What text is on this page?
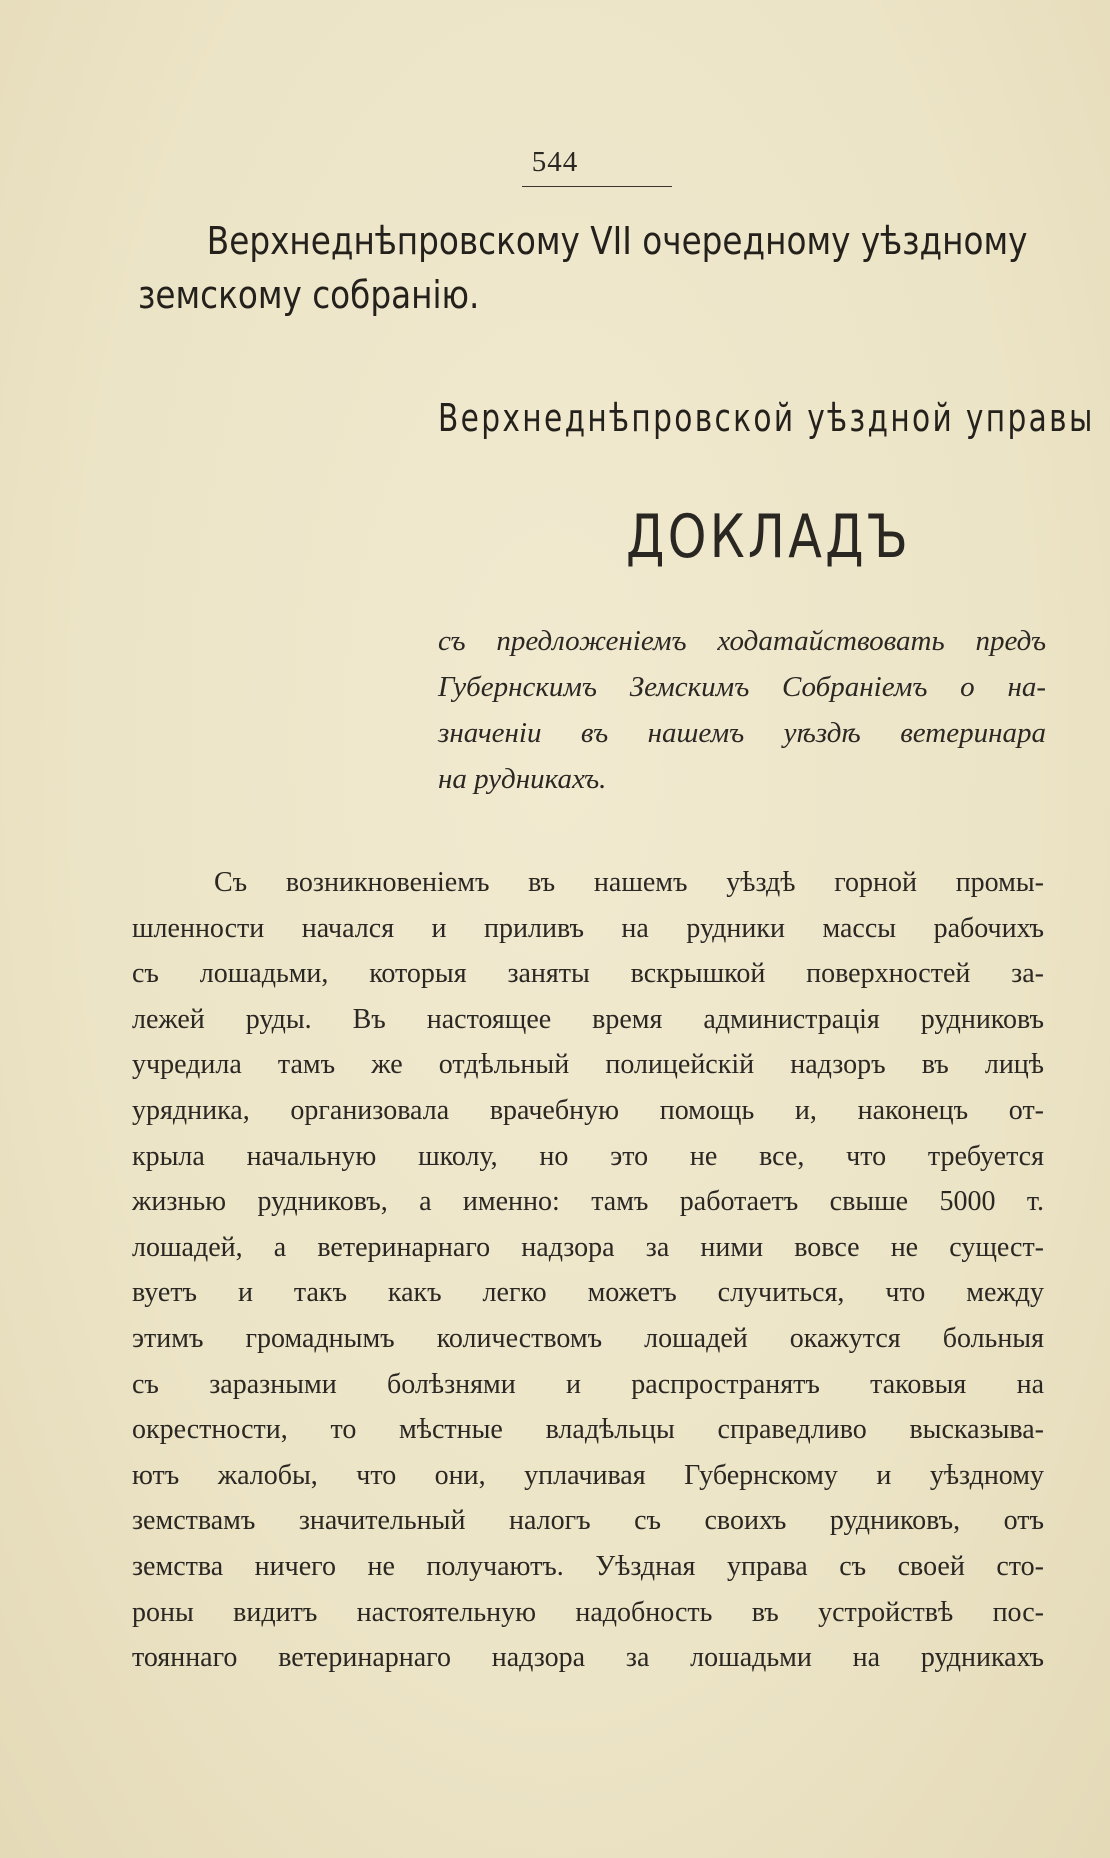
544
Верхнеднѣпровскому VII очередному уѣздному
земскому собранію.
Верхнеднѣпровской уѣздной управы
ДОКЛАДЪ
съ предложеніемъ ходатайствовать предъ
Губернскимъ Земскимъ Собраніемъ о на-
значеніи въ нашемъ уѣздѣ ветеринара
на рудникахъ.
Съ возникновеніемъ въ нашемъ уѣздѣ горной промы-
шленности начался и приливъ на рудники массы рабочихъ
съ лошадьми, которыя заняты вскрышкой поверхностей за-
лежей руды. Въ настоящее время администрація рудниковъ
учредила тамъ же отдѣльный полицейскій надзоръ въ лицѣ
урядника, организовала врачебную помощь и, наконецъ от-
крыла начальную школу, но это не все, что требуется
жизнью рудниковъ, а именно: тамъ работаетъ свыше 5000 т.
лошадей, а ветеринарнаго надзора за ними вовсе не сущест-
вуетъ и такъ какъ легко можетъ случиться, что между
этимъ громаднымъ количествомъ лошадей окажутся больныя
съ заразными болѣзнями и распространятъ таковыя на
окрестности, то мѣстные владѣльцы справедливо высказыва-
ютъ жалобы, что они, уплачивая Губернскому и уѣздному
земствамъ значительный налогъ съ своихъ рудниковъ, отъ
земства ничего не получаютъ. Уѣздная управа съ своей сто-
роны видитъ настоятельную надобность въ устройствѣ пос-
тояннаго ветеринарнаго надзора за лошадьми на рудникахъ
